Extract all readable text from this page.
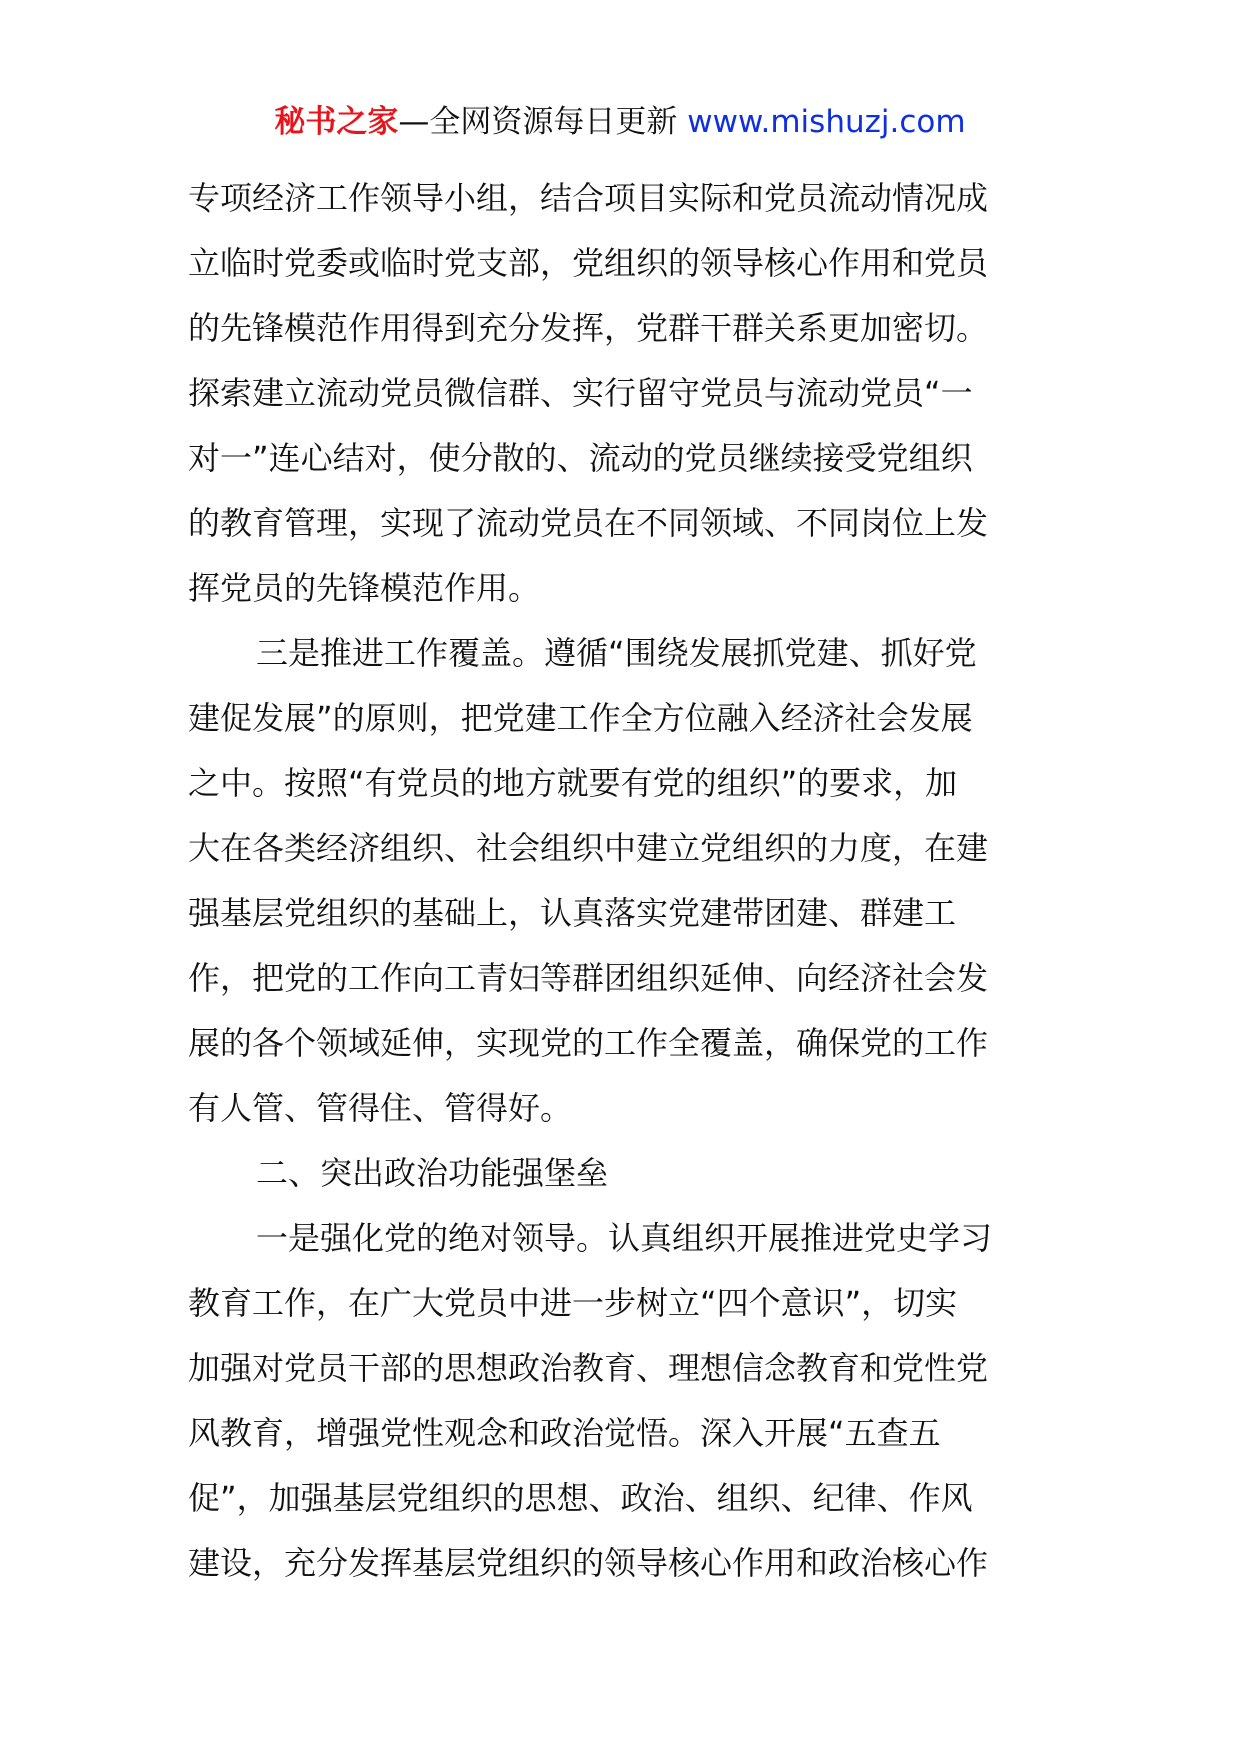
秘书之家—全网资源每日更新 www.mishuzj.com
专项经济工作领导小组，结合项目实际和党员流动情况成
立临时党委或临时党支部，党组织的领导核心作用和党员
的先锋模范作用得到充分发挥，党群干群关系更加密切。
探索建立流动党员微信群、实行留守党员与流动党员“一
对一”连心结对，使分散的、流动的党员继续接受党组织
的教育管理，实现了流动党员在不同领域、不同岗位上发
挥党员的先锋模范作用。
三是推进工作覆盖。遵循“围绕发展抓党建、抓好党
建促发展”的原则，把党建工作全方位融入经济社会发展
之中。按照“有党员的地方就要有党的组织”的要求，加
大在各类经济组织、社会组织中建立党组织的力度，在建
强基层党组织的基础上，认真落实党建带团建、群建工
作，把党的工作向工青妇等群团组织延伸、向经济社会发
展的各个领域延伸，实现党的工作全覆盖，确保党的工作
有人管、管得住、管得好。
二、突出政治功能强堡垒
一是强化党的绝对领导。认真组织开展推进党史学习
教育工作，在广大党员中进一步树立“四个意识”，切实
加强对党员干部的思想政治教育、理想信念教育和党性党
风教育，增强党性观念和政治觉悟。深入开展“五查五
促”，加强基层党组织的思想、政治、组织、纪律、作风
建设，充分发挥基层党组织的领导核心作用和政治核心作
